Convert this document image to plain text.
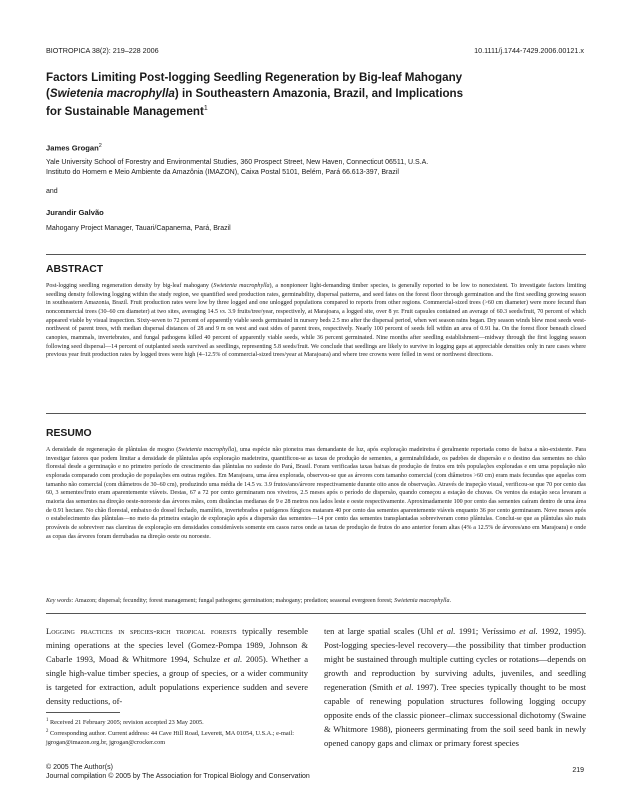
BIOTROPICA 38(2): 219–228 2006	10.1111/j.1744-7429.2006.00121.x
Factors Limiting Post-logging Seedling Regeneration by Big-leaf Mahogany
(Swietenia macrophylla) in Southeastern Amazonia, Brazil, and Implications
for Sustainable Management$^1$
James Grogan$^2$
Yale University School of Forestry and Environmental Studies, 360 Prospect Street, New Haven, Connecticut 06511, U.S.A.
Instituto do Homem e Meio Ambiente da Amazônia (IMAZON), Caixa Postal 5101, Belém, Pará 66.613-397, Brazil
and
Jurandir Galvão
Mahogany Project Manager, Tauari/Capanema, Pará, Brazil
ABSTRACT
Post-logging seedling regeneration density by big-leaf mahogany (Swietenia macrophylla), a nonpioneer light-demanding timber species, is generally reported to be low to nonexistent. To investigate factors limiting seedling density following logging within the study region, we quantified seed production rates, germinability, dispersal patterns, and seed fates on the forest floor through germination and the first seedling growing season in southeastern Amazonia, Brazil. Fruit production rates were low by three logged and one unlogged populations compared to reports from other regions. Commercial-sized trees (>60 cm diameter) were more fecund than noncommercial trees (30–60 cm diameter) at two sites, averaging 14.5 vs. 3.9 fruits/tree/year, respectively, at Marajoara, a logged site, over 8 yr. Fruit capsules contained an average of 60.3 seeds/fruit, 70 percent of which appeared viable by visual inspection. Sixty-seven to 72 percent of apparently viable seeds germinated in nursery beds 2.5 mo after the dispersal period, when wet season rains began. Dry season winds blew most seeds west-northwest of parent trees, with median dispersal distances of 28 and 9 m on west and east sides of parent trees, respectively. Nearly 100 percent of seeds fell within an area of 0.91 ha. On the forest floor beneath closed canopies, mammals, invertebrates, and fungal pathogens killed 40 percent of apparently viable seeds, while 36 percent germinated. Nine months after seedling establishment—midway through the first logging season following seed dispersal—14 percent of outplanted seeds survived as seedlings, representing 5.8 seeds/fruit. We conclude that seedlings are likely to survive in logging gaps at appreciable densities only in rare cases where previous year fruit production rates by logged trees were high (4–12.5% of commercial-sized trees/year at Marajoara) and where tree crowns were felled in west or northwest directions.
RESUMO
A densidade de regeneração de plântulas de mogno (Swietenia macrophylla), uma espécie não pioneira mas demandante de luz, após exploração madeireira é geralmente reportada como de baixa a não-existente. Para investigar fatores que podem limitar a densidade de plântulas após exploração madeireira, quantificou-se as taxas de produção de sementes, a germinabilidade, os padrões de dispersão e o destino das sementes no chão florestal desde a germinação e no primeiro período de crescimento das plântulas no sudeste do Pará, Brasil. Foram verificadas taxas baixas de produção de frutos em três populações exploradas e em uma população não explorada comparado com produção de populações em outras regiões. Em Marajoara, uma área explorada, observou-se que as árvores com tamanho comercial (com diâmetros >60 cm) eram mais fecundas que aquelas com tamanho não comercial (com diâmetros de 30–60 cm), produzindo uma média de 14.5 vs. 3.9 frutos/ano/árvore respectivamente durante oito anos de observação. Através de inspeção visual, verificou-se que 70 por cento das 60, 3 sementes/fruto eram aparentemente viáveis. Destas, 67 a 72 por cento germinaram nos viveiros, 2.5 meses após o período de dispersão, quando começou a estação de chuvas. Os ventos da estação seca levaram a maioria das sementes na direção oeste-noroeste das árvores mães, com distâncias medianas de 9 e 28 metros nos lados leste e oeste respectivamente. Aproximadamente 100 por cento das sementes caíram dentro de uma área de 0.91 hectare. No chão florestal, embaixo do dossel fechado, mamífeis, invertebrados e patógenos fúngicos mataram 40 por cento das sementes aparentemente viáveis enquanto 36 por cento germinaram. Nove meses após o estabelecimento das plântulas—no meio da primeira estação de exploração após a dispersão das sementes—14 por cento das sementes transplantadas sobreviveram como plântulas. Conclui-se que as plântulas são mais prováveis de sobreviver nas clareiras de exploração em densidades consideráveis somente em casos raros onde as taxas de produção de frutos do ano anterior foram altas (4% a 12.5% de árvores/ano em Marajoara) e onde as copas das árvores foram derrubadas na direção oeste ou noroeste.
Key words: Amazon; dispersal; fecundity; forest management; fungal pathogens; germination; mahogany; predation; seasonal evergreen forest; Swietenia macrophylla.
Logging practices in species-rich tropical forests typically resemble mining operations at the species level (Gomez-Pompa 1989, Johnson & Cabarle 1993, Moad & Whitmore 1994, Schulze et al. 2005). Whether a single high-value timber species, a group of species, or a wider community is targeted for extraction, adult populations experience sudden and severe density reductions, of-
ten at large spatial scales (Uhl et al. 1991; Veríssimo et al. 1992, 1995). Post-logging species-level recovery—the possibility that timber production might be sustained through multiple cutting cycles or rotations—depends on growth and reproduction by surviving adults, juveniles, and seedling regeneration (Smith et al. 1997). Tree species typically thought to be most capable of renewing population structures following logging occupy opposite ends of the classic pioneer–climax successional dichotomy (Swaine & Whitmore 1988), pioneers germinating from the soil seed bank in newly opened canopy gaps and climax or primary forest species
$^1$ Received 21 February 2005; revision accepted 23 May 2005.
$^2$ Corresponding author. Current address: 44 Cave Hill Road, Leverett, MA 01054, U.S.A.; e-mail: jgrogan@imazon.org.br, jgrogan@crocker.com
© 2005 The Author(s)
Journal compilation © 2005 by The Association for Tropical Biology and Conservation
219
